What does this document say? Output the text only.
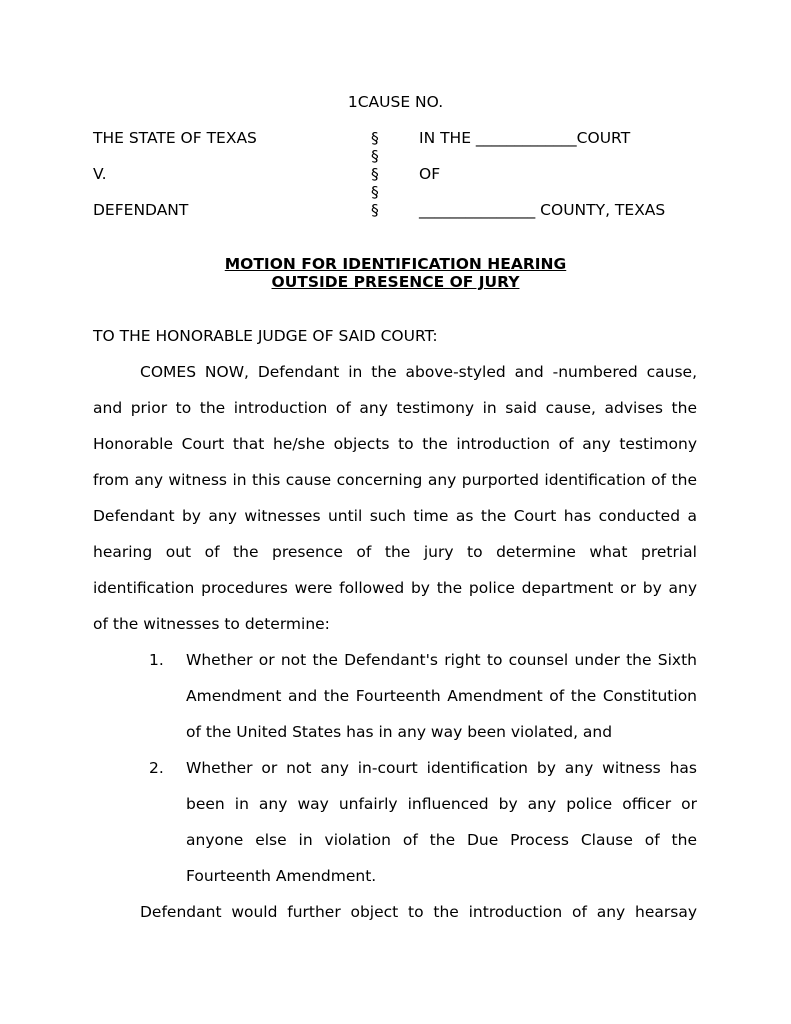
1CAUSE NO.
THE STATE OF TEXAS
V.
DEFENDANT
§
§
§
§
§
IN THE _____________COURT
OF
_______________ COUNTY, TEXAS
MOTION FOR IDENTIFICATION HEARING
OUTSIDE PRESENCE OF JURY

TO THE HONORABLE JUDGE OF SAID COURT:

COMES NOW, Defendant in the above-styled and -numbered cause, and prior to the introduction of any testimony in said cause, advises the Honorable Court that he/she objects to the introduction of any testimony from any witness in this cause concerning any purported identification of the Defendant by any witnesses until such time as the Court has conducted a hearing out of the presence of the jury to determine what pretrial identification procedures were followed by the police department or by any of the witnesses to determine:

1. Whether or not the Defendant's right to counsel under the Sixth Amendment and the Fourteenth Amendment of the Constitution of the United States has in any way been violated, and
2. Whether or not any in-court identification by any witness has been in any way unfairly influenced by any police officer or anyone else in violation of the Due Process Clause of the Fourteenth Amendment.

Defendant would further object to the introduction of any hearsay
